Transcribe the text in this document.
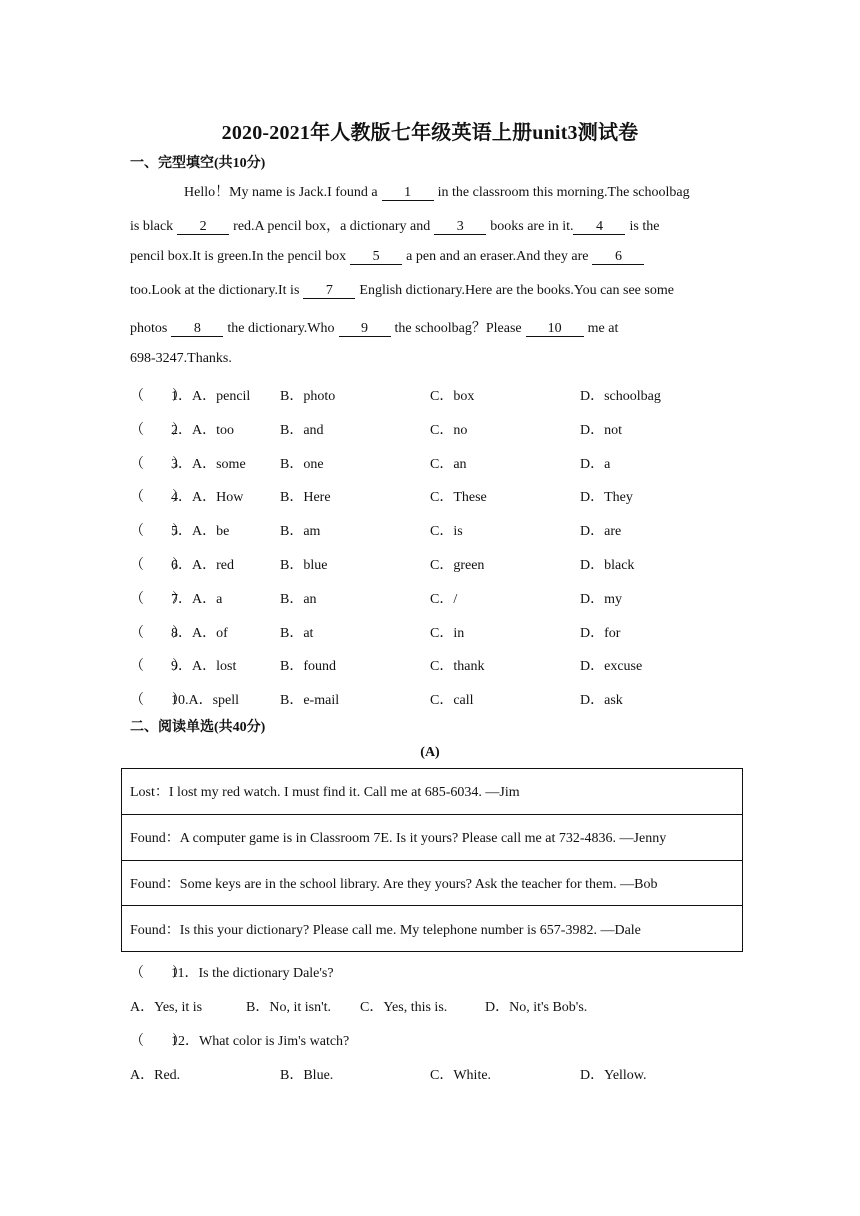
2020-2021年人教版七年级英语上册unit3测试卷
一、完型填空(共10分)
Hello！My name is Jack.I found a 1 in the classroom this morning.The schoolbag
is black 2 red.A pencil box，a dictionary and 3 books are in it. 4 is the
pencil box.It is green.In the pencil box 5 a pen and an eraser.And they are 6
too.Look at the dictionary.It is 7 English dictionary.Here are the books.You can see some
photos 8 the dictionary.Who 9 the schoolbag？Please 10 me at
698-3247.Thanks.
（　　）
1．A．pencil B．photo	C．box	D．schoolbag
（　　）
2．A．too	B．and	C．no	D．not
（　　）
3．A．some B．one	C．an	D．a
（　　）
4．A．How	B．Here	C．These	D．They
（　　）
5．A．be	B．am	C．is	D．are
（　　）
6．A．red	B．blue	C．green	D．black
（　　）
7．A．a	B．an	C．/	D．my
（　　）
8．A．of	B．at	C．in	D．for
（　　）
9．A．lost	B．found	C．thank	D．excuse
（　　）
10.A．spell	B．e-mail	C．call	D．ask
二、阅读单选(共40分)
(A)
Lost：I lost my red watch. I must find it. Call me at 685-6034. —Jim
Found：A computer game is in Classroom 7E. Is it yours? Please call me at 732-4836. —Jenny
Found：Some keys are in the school library. Are they yours? Ask the teacher for them. —Bob
Found：Is this your dictionary? Please call me. My telephone number is 657-3982. —Dale
（　　）
11．Is the dictionary Dale's?
A．Yes, it is	B．No, it isn't. C．Yes, this is.	D．No, it's Bob's.
（　　）
12．What color is Jim's watch?
A．Red.	B．Blue.	C．White.	D．Yellow.
